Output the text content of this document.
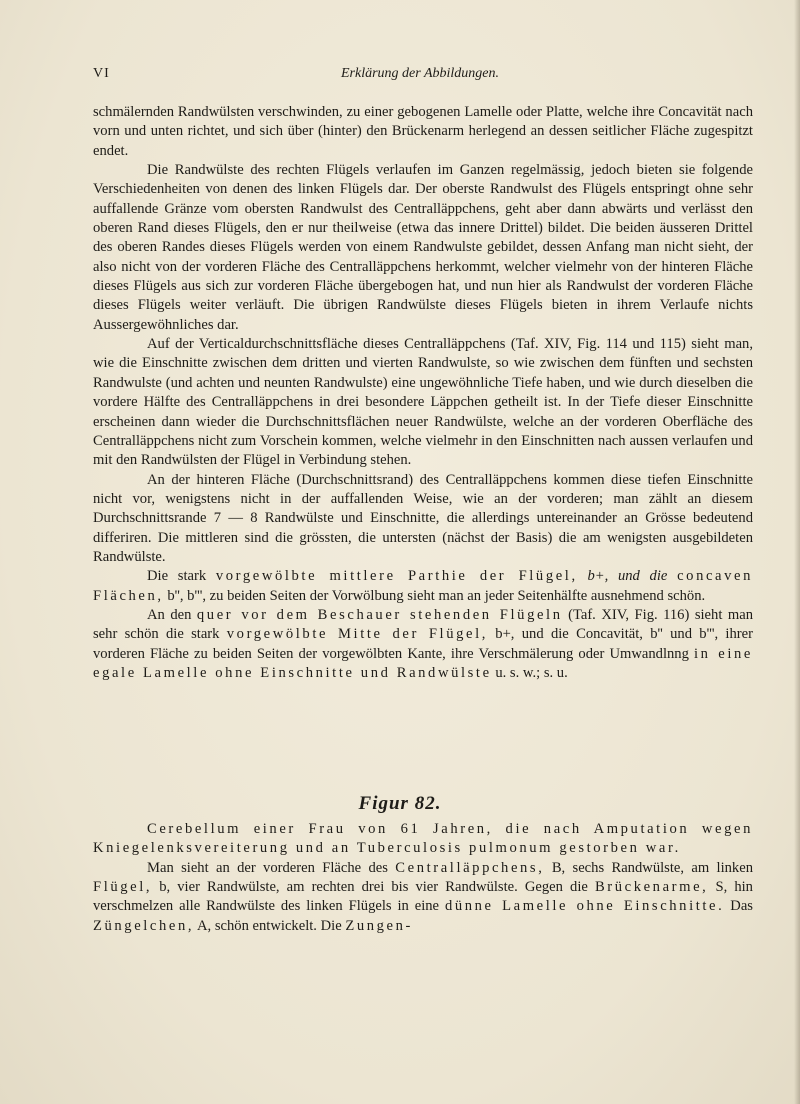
VI	Erklärung der Abbildungen.

schmälernden Randwülsten verschwinden, zu einer gebogenen Lamelle oder Platte, welche ihre Concavität nach vorn und unten richtet, und sich über (hinter) den Brückenarm herlegend an dessen seitlicher Fläche zugespitzt endet.

Die Randwülste des rechten Flügels verlaufen im Ganzen regelmässig, jedoch bieten sie folgende Verschiedenheiten von denen des linken Flügels dar. Der oberste Randwulst des Flügels entspringt ohne sehr auffallende Gränze vom obersten Randwulst des Centralläppchens, geht aber dann abwärts und verlässt den oberen Rand dieses Flügels, den er nur theilweise (etwa das innere Drittel) bildet. Die beiden äusseren Drittel des oberen Randes dieses Flügels werden von einem Randwulste gebildet, dessen Anfang man nicht sieht, der also nicht von der vorderen Fläche des Centralläppchens herkommt, welcher vielmehr von der hinteren Fläche dieses Flügels aus sich zur vorderen Fläche übergebogen hat, und nun hier als Randwulst der vorderen Fläche dieses Flügels weiter verläuft. Die übrigen Randwülste dieses Flügels bieten in ihrem Verlaufe nichts Aussergewöhnliches dar.

Auf der Verticaldurchschnittsfläche dieses Centralläppchens (Taf. XIV, Fig. 114 und 115) sieht man, wie die Einschnitte zwischen dem dritten und vierten Randwulste, so wie zwischen dem fünften und sechsten Randwulste (und achten und neunten Randwulste) eine ungewöhnliche Tiefe haben, und wie durch dieselben die vordere Hälfte des Centralläppchens in drei besondere Läppchen getheilt ist. In der Tiefe dieser Einschnitte erscheinen dann wieder die Durchschnittsflächen neuer Randwülste, welche an der vorderen Oberfläche des Centralläppchens nicht zum Vorschein kommen, welche vielmehr in den Einschnitten nach aussen verlaufen und mit den Randwülsten der Flügel in Verbindung stehen.

An der hinteren Fläche (Durchschnittsrand) des Centralläppchens kommen diese tiefen Einschnitte nicht vor, wenigstens nicht in der auffallenden Weise, wie an der vorderen; man zählt an diesem Durchschnittsrande 7 — 8 Randwülste und Einschnitte, die allerdings untereinander an Grösse bedeutend differiren. Die mittleren sind die grössten, die untersten (nächst der Basis) die am wenigsten ausgebildeten Randwülste.

Die stark vorgewölbte mittlere Parthie der Flügel, b+, und die concaven Flächen, b'', b''', zu beiden Seiten der Vorwölbung sieht man an jeder Seitenhälfte ausnehmend schön.

An den quer vor dem Beschauer stehenden Flügeln (Taf. XIV, Fig. 116) sieht man sehr schön die stark vorgewölbte Mitte der Flügel, b+, und die Concavität, b'' und b''', ihrer vorderen Fläche zu beiden Seiten der vorgewölbten Kante, ihre Verschmälerung oder Umwandlnng in eine egale Lamelle ohne Einschnitte und Randwülste u. s. w.; s. u.

Figur 82.

Cerebellum einer Frau von 61 Jahren, die nach Amputation wegen Kniegelenksvereiterung und an Tuberculosis pulmonum gestorben war.

Man sieht an der vorderen Fläche des Centralläppchens, B, sechs Randwülste, am linken Flügel, b, vier Randwülste, am rechten drei bis vier Randwülste. Gegen die Brückenarme, S, hin verschmelzen alle Randwülste des linken Flügels in eine dünne Lamelle ohne Einschnitte. Das Züngelchen, A, schön entwickelt. Die Zungen-
